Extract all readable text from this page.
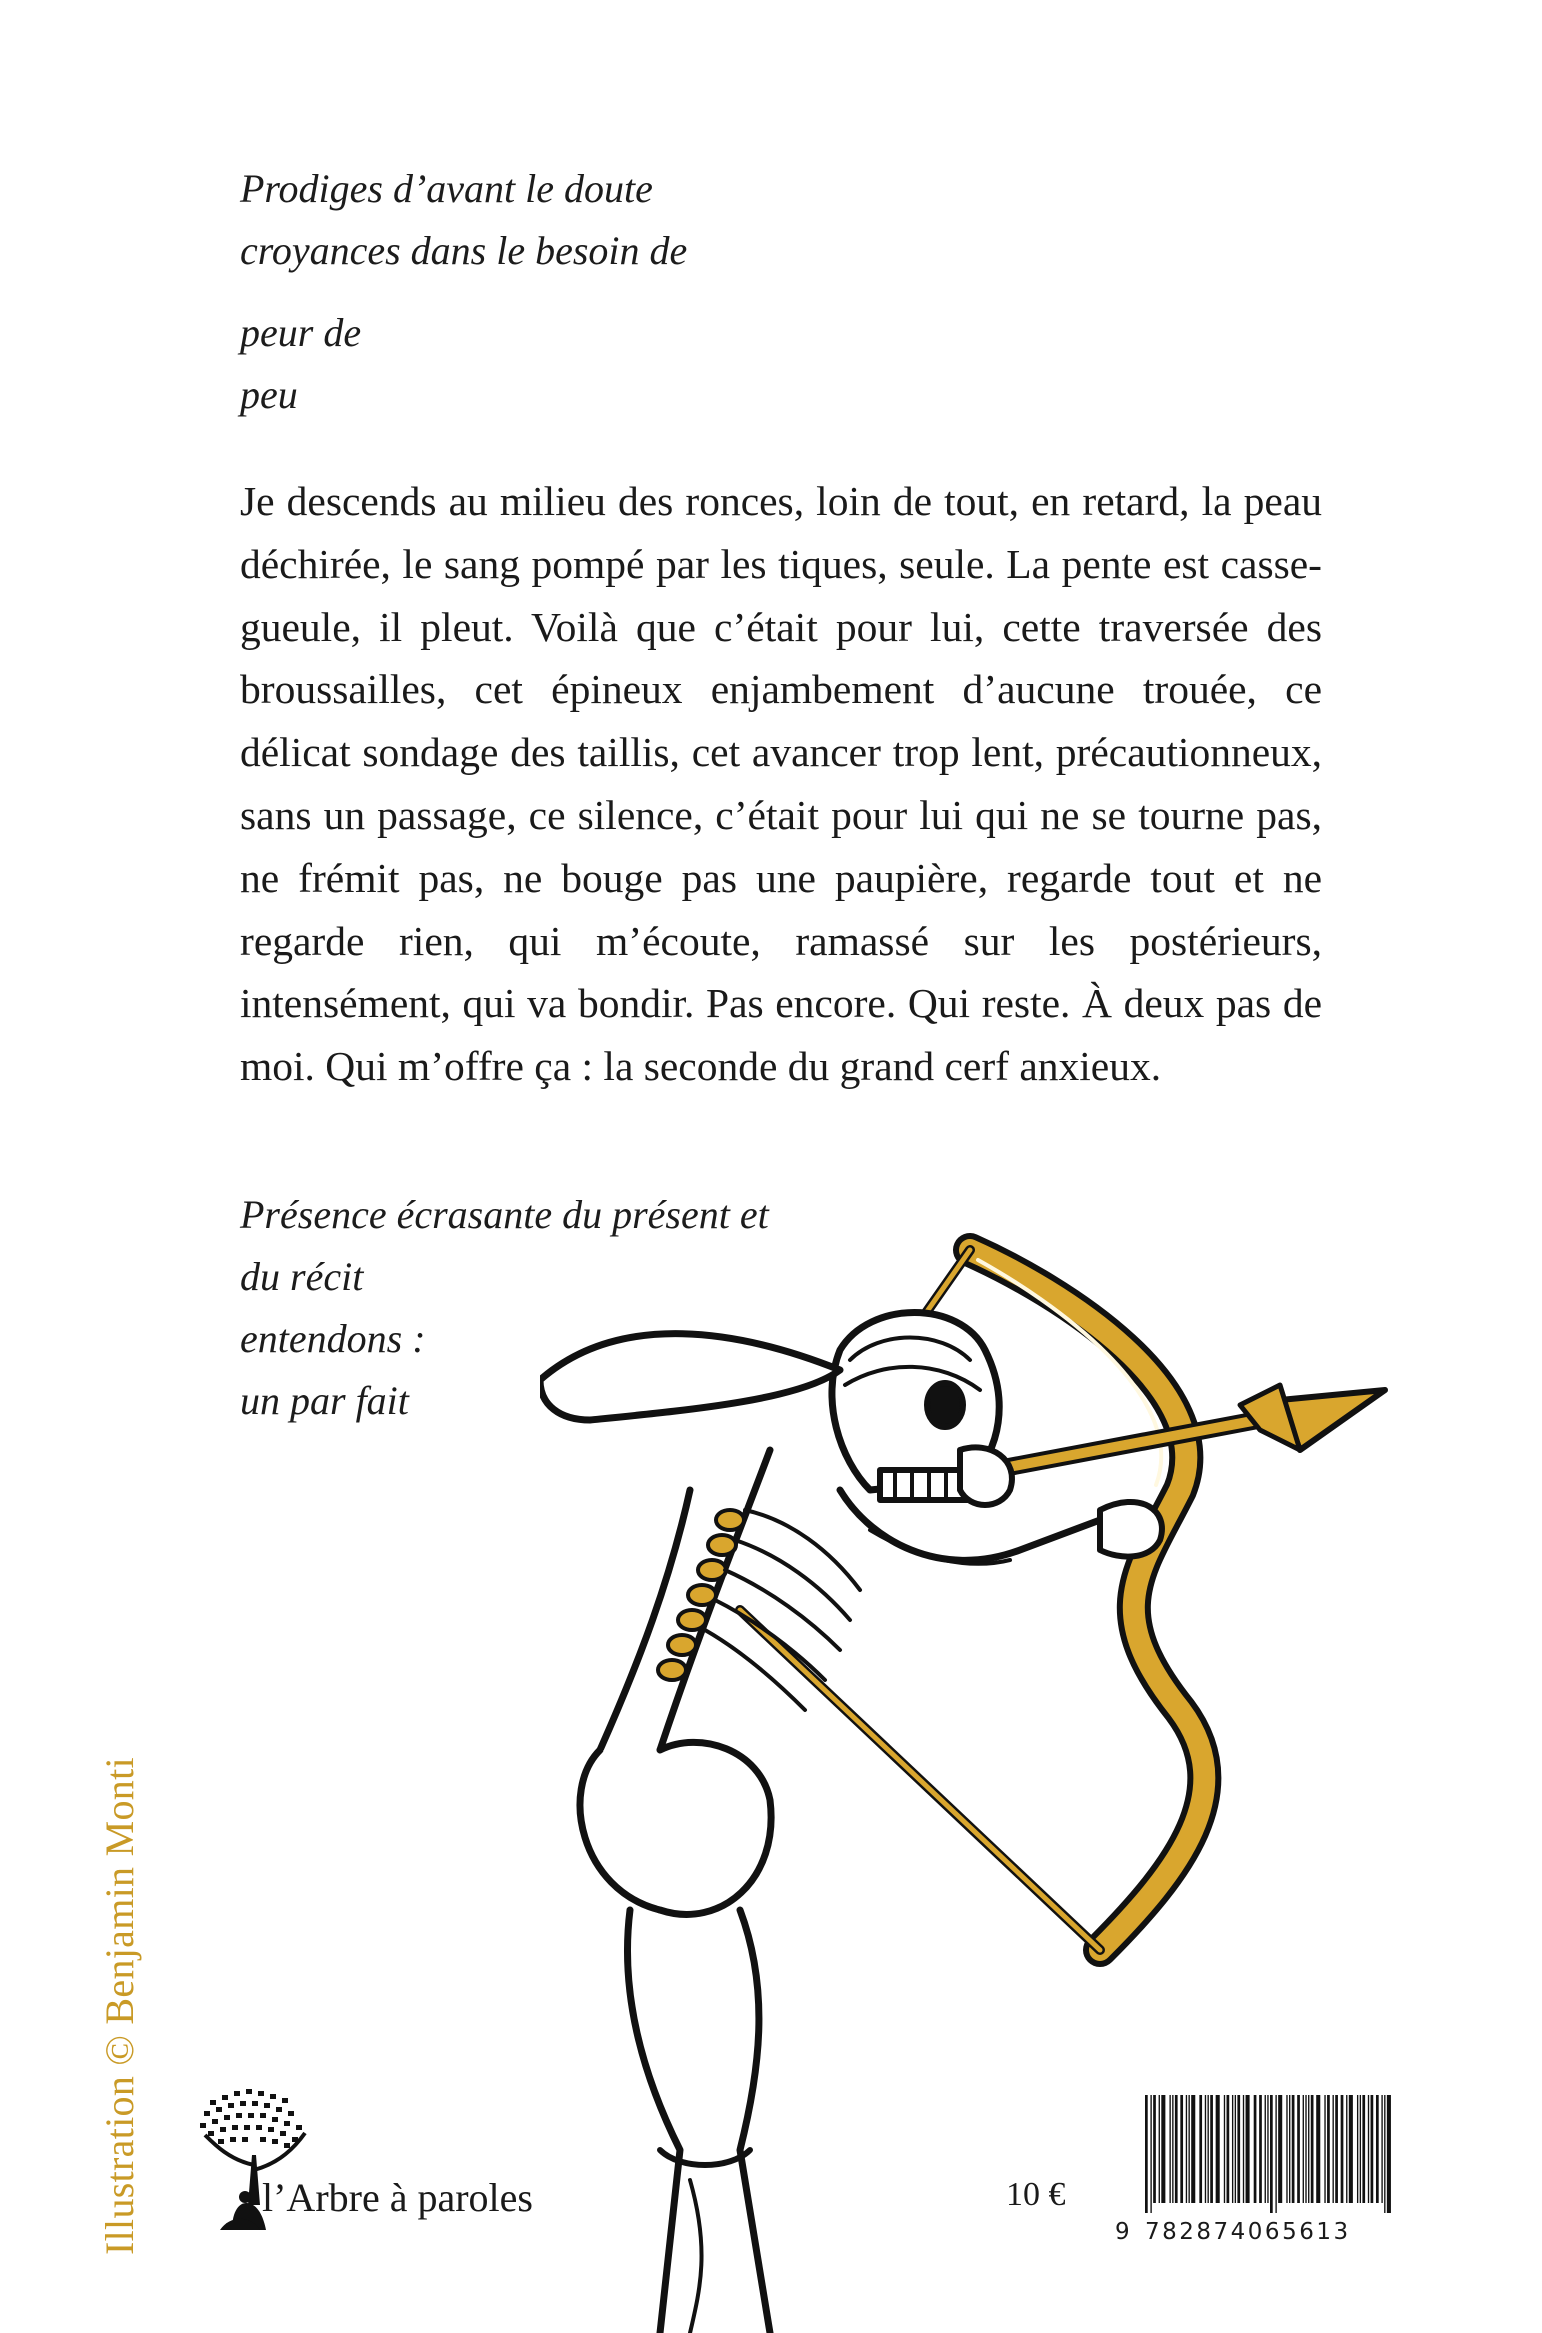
Prodiges d’avant le doute
croyances dans le besoin de
peur de
peu
Je descends au milieu des ronces, loin de tout, en retard, la peau déchirée, le sang pompé par les tiques, seule. La pente est casse-gueule, il pleut. Voilà que c’était pour lui, cette traversée des broussailles, cet épineux enjambement d’aucune trouée, ce délicat sondage des taillis, cet avancer trop lent, précautionneux, sans un passage, ce silence, c’était pour lui qui ne se tourne pas, ne frémit pas, ne bouge pas une paupière, regarde tout et ne regarde rien, qui m’écoute, ramassé sur les postérieurs, intensément, qui va bondir. Pas encore. Qui reste. À deux pas de moi. Qui m’offre ça : la seconde du grand cerf anxieux.
Présence écrasante du présent et
du récit
entendons :
un par fait
Illustration © Benjamin Monti	l’Arbre à paroles	10 €
9 782874065613
